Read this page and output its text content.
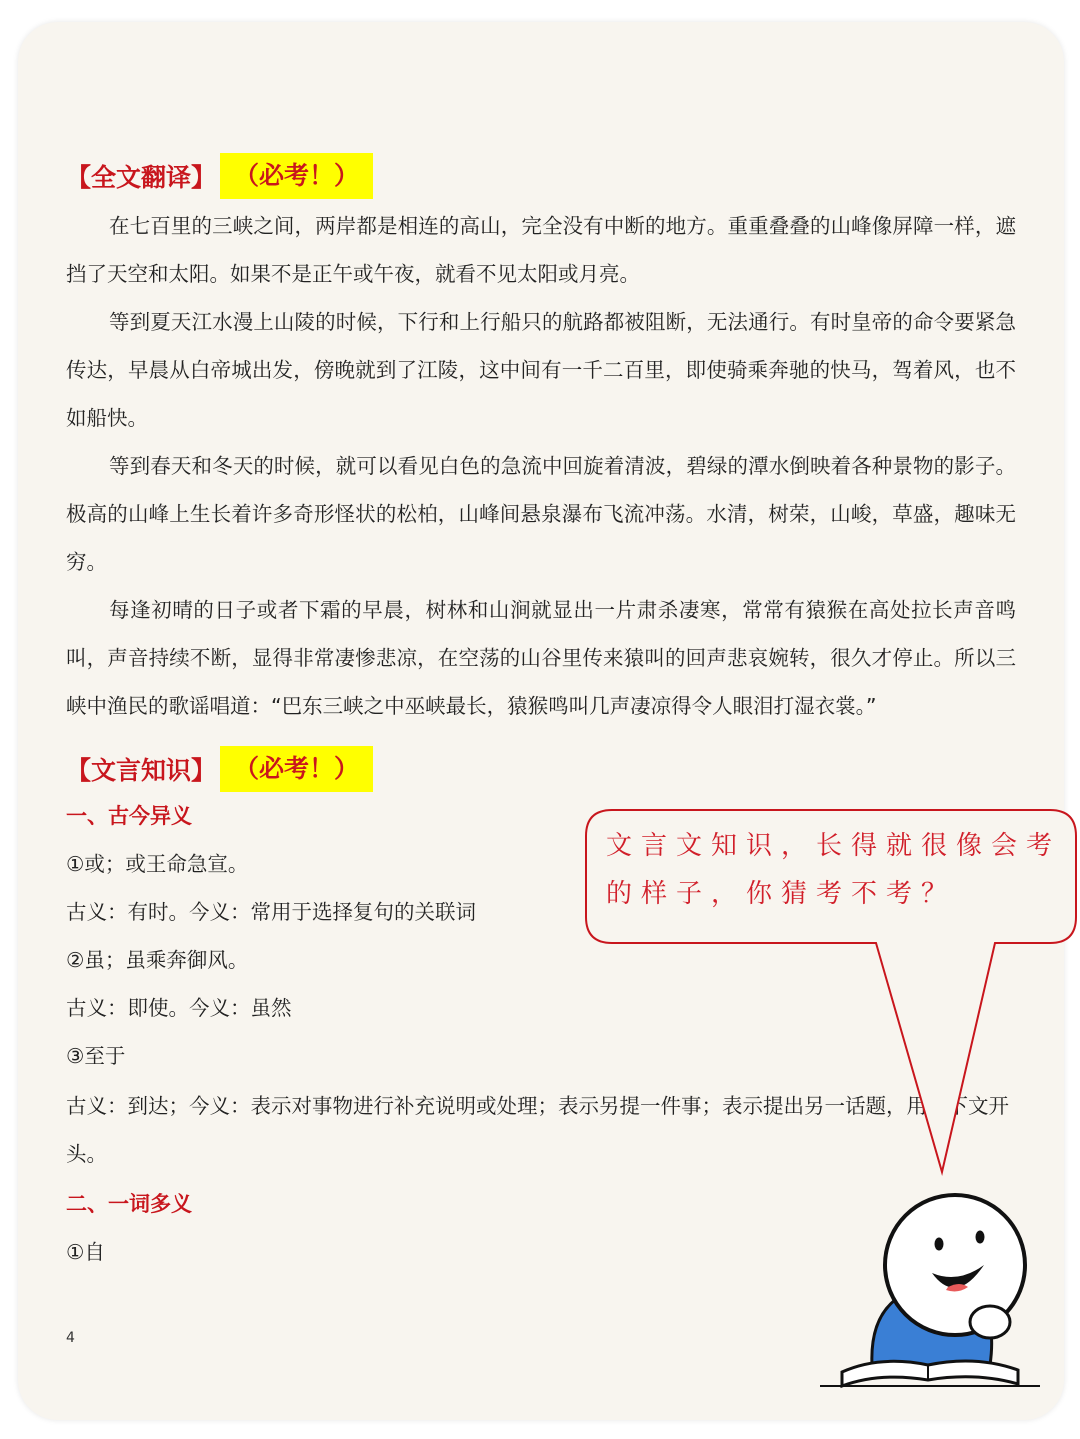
【全文翻译】 （必考！）

在七百里的三峡之间，两岸都是相连的高山，完全没有中断的地方。重重叠叠的山峰像屏障一样，遮挡了天空和太阳。如果不是正午或午夜，就看不见太阳或月亮。

等到夏天江水漫上山陵的时候，下行和上行船只的航路都被阻断，无法通行。有时皇帝的命令要紧急传达，早晨从白帝城出发，傍晚就到了江陵，这中间有一千二百里，即使骑乘奔驰的快马，驾着风，也不如船快。

等到春天和冬天的时候，就可以看见白色的急流中回旋着清波，碧绿的潭水倒映着各种景物的影子。极高的山峰上生长着许多奇形怪状的松柏，山峰间悬泉瀑布飞流冲荡。水清，树荣，山峻，草盛，趣味无穷。

每逢初晴的日子或者下霜的早晨，树林和山涧就显出一片肃杀凄寒，常常有猿猴在高处拉长声音鸣叫，声音持续不断，显得非常凄惨悲凉，在空荡的山谷里传来猿叫的回声悲哀婉转，很久才停止。所以三峡中渔民的歌谣唱道：“巴东三峡之中巫峡最长，猿猴鸣叫几声凄凉得令人眼泪打湿衣裳。”

【文言知识】 （必考！）
一、古今异义

①或；或王命急宣。

古义：有时。今义：常用于选择复句的关联词

②虽；虽乘奔御风。

古义：即使。今义：虽然

③至于

古义：到达；今义：表示对事物进行补充说明或处理；表示另提一件事；表示提出另一话题，用在下文开头。

二、一词多义

①自

4

文言文知识，长得就很像会考的样子，你猜考不考？
